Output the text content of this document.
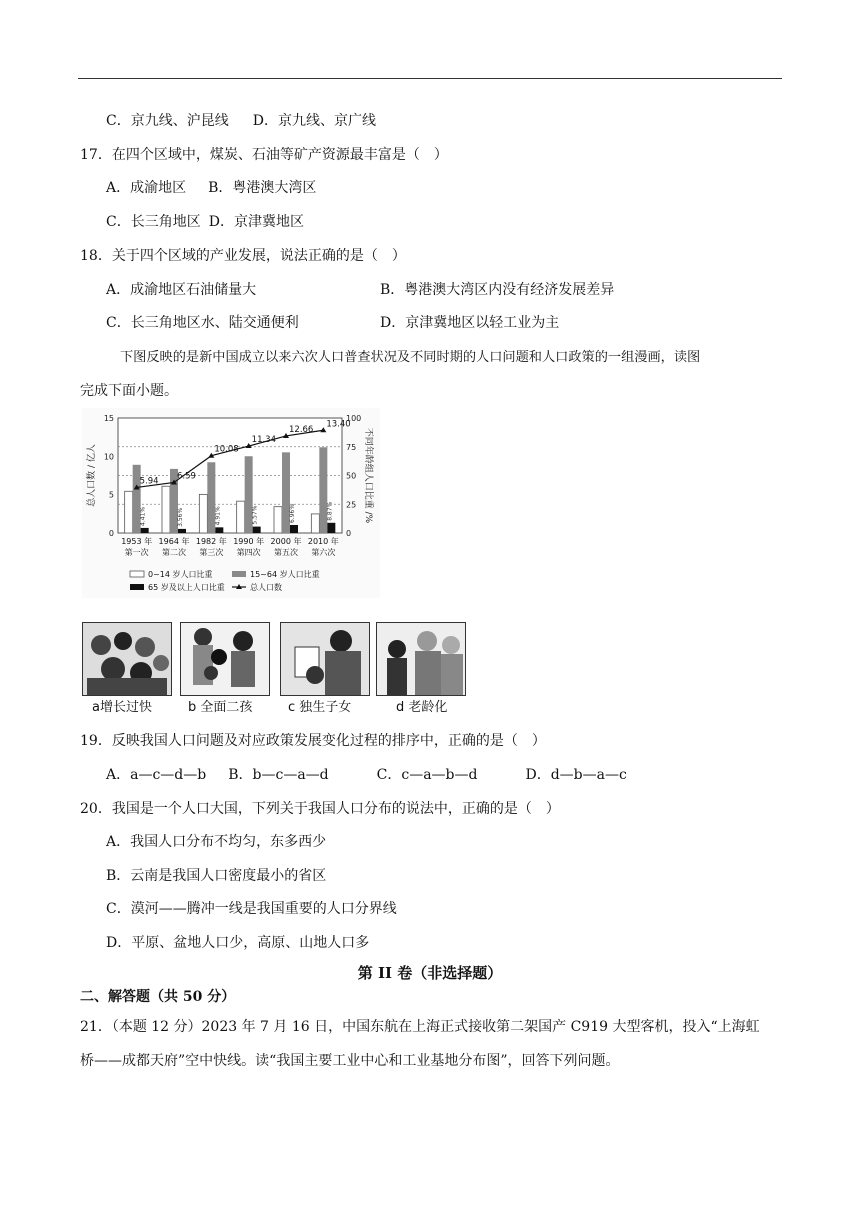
C．京九线、沪昆线 D．京九线、京广线
17．在四个区域中，煤炭、石油等矿产资源最丰富是（　）
A．成渝地区 B．粤港澳大湾区
C．长三角地区 D．京津冀地区
18．关于四个区域的产业发展，说法正确的是（　）
A．成渝地区石油储量大	B．粤港澳大湾区内没有经济发展差异
C．长三角地区水、陆交通便利	D．京津冀地区以轻工业为主
下图反映的是新中国成立以来六次人口普查状况及不同时期的人口问题和人口政策的一组漫画，读图
完成下面小题。
0
5
10
15
0
25
50
75
100
总人口数 / 亿人	不同年龄组人口比重 /%
4.41%
5.94
1953 年
第一次
3.56%
6.59
1964 年
第二次
4.91%
10.08
1982 年
第三次
5.57%
11.34
1990 年
第四次
6.96%
12.66
2000 年
第五次
8.87%
13.40
2010 年
第六次
0~14 岁人口比重	15~64 岁人口比重
65 岁及以上人口比重	总人口数
a增长过快	b 全面二孩	c 独生子女	d 老龄化
19．反映我国人口问题及对应政策发展变化过程的排序中，正确的是（　）
A．a—c—d—b B．b—c—a—d	C．c—a—b—d	D．d—b—a—c
20．我国是一个人口大国，下列关于我国人口分布的说法中，正确的是（　）
A．我国人口分布不均匀，东多西少
B．云南是我国人口密度最小的省区
C．漠河——腾冲一线是我国重要的人口分界线
D．平原、盆地人口少，高原、山地人口多
第 II 卷（非选择题）
二、解答题（共 50 分）
21．（本题 12 分）2023 年 7 月 16 日，中国东航在上海正式接收第二架国产 C919 大型客机，投入“上海虹
桥——成都天府”空中快线。读“我国主要工业中心和工业基地分布图”，回答下列问题。
